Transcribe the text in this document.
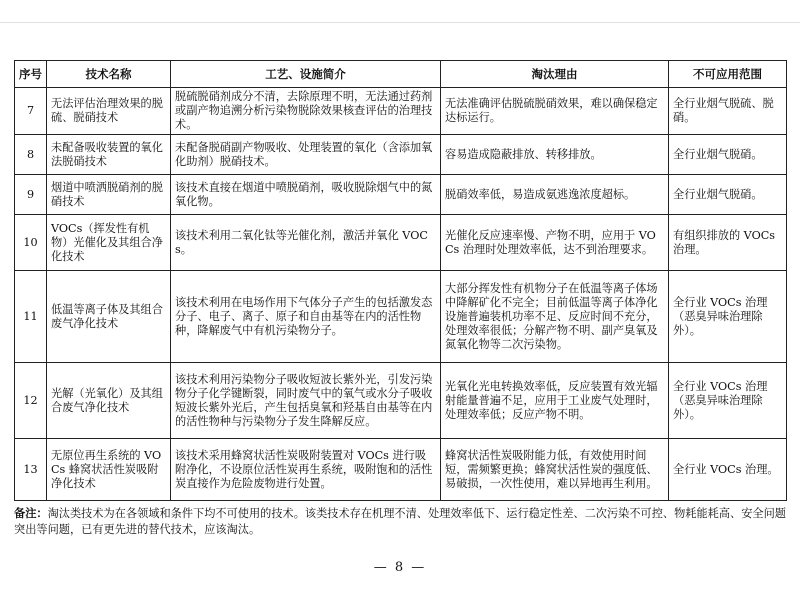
序号	技术名称	工艺、设施简介	淘汰理由	不可应用范围
7	无法评估治理效果的脱硫、脱硝技术	脱硫脱硝剂成分不清，去除原理不明，无法通过药剂或副产物追溯分析污染物脱除效果核查评估的治理技术。	无法准确评估脱硫脱硝效果，难以确保稳定达标运行。	全行业烟气脱硫、脱硝。
8	未配备吸收装置的氧化法脱硝技术	未配备脱硝副产物吸收、处理装置的氧化（含添加氧化助剂）脱硝技术。	容易造成隐蔽排放、转移排放。	全行业烟气脱硝。
9	烟道中喷洒脱硝剂的脱硝技术	该技术直接在烟道中喷脱硝剂，吸收脱除烟气中的氮氧化物。	脱硝效率低，易造成氨逃逸浓度超标。	全行业烟气脱硝。
10	VOCs（挥发性有机物）光催化及其组合净化技术	该技术利用二氧化钛等光催化剂，激活并氧化 VOCs。	光催化反应速率慢、产物不明，应用于 VOCs 治理时处理效率低，达不到治理要求。	有组织排放的 VOCs 治理。
11	低温等离子体及其组合废气净化技术	该技术利用在电场作用下气体分子产生的包括激发态分子、电子、离子、原子和自由基等在内的活性物种，降解废气中有机污染物分子。	大部分挥发性有机物分子在低温等离子体场中降解矿化不完全；目前低温等离子体净化设施普遍装机功率不足、反应时间不充分，处理效率很低；分解产物不明、副产臭氧及氮氧化物等二次污染物。	全行业 VOCs 治理（恶臭异味治理除外）。
12	光解（光氧化）及其组合废气净化技术	该技术利用污染物分子吸收短波长紫外光，引发污染物分子化学键断裂，同时废气中的氧气或水分子吸收短波长紫外光后，产生包括臭氧和羟基自由基等在内的活性物种与污染物分子发生降解反应。	光氧化光电转换效率低，反应装置有效光辐射能量普遍不足，应用于工业废气处理时，处理效率低；反应产物不明。	全行业 VOCs 治理（恶臭异味治理除外）。
13	无原位再生系统的 VOCs 蜂窝状活性炭吸附净化技术	该技术采用蜂窝状活性炭吸附装置对 VOCs 进行吸附净化，不设原位活性炭再生系统，吸附饱和的活性炭直接作为危险废物进行处置。	蜂窝状活性炭吸附能力低，有效使用时间短，需频繁更换；蜂窝状活性炭的强度低、易破损，一次性使用，难以异地再生利用。	全行业 VOCs 治理。
备注：淘汰类技术为在各领域和条件下均不可使用的技术。该类技术存在机理不清、处理效率低下、运行稳定性差、二次污染不可控、物耗能耗高、安全问题突出等问题，已有更先进的替代技术，应该淘汰。
— 8 —
